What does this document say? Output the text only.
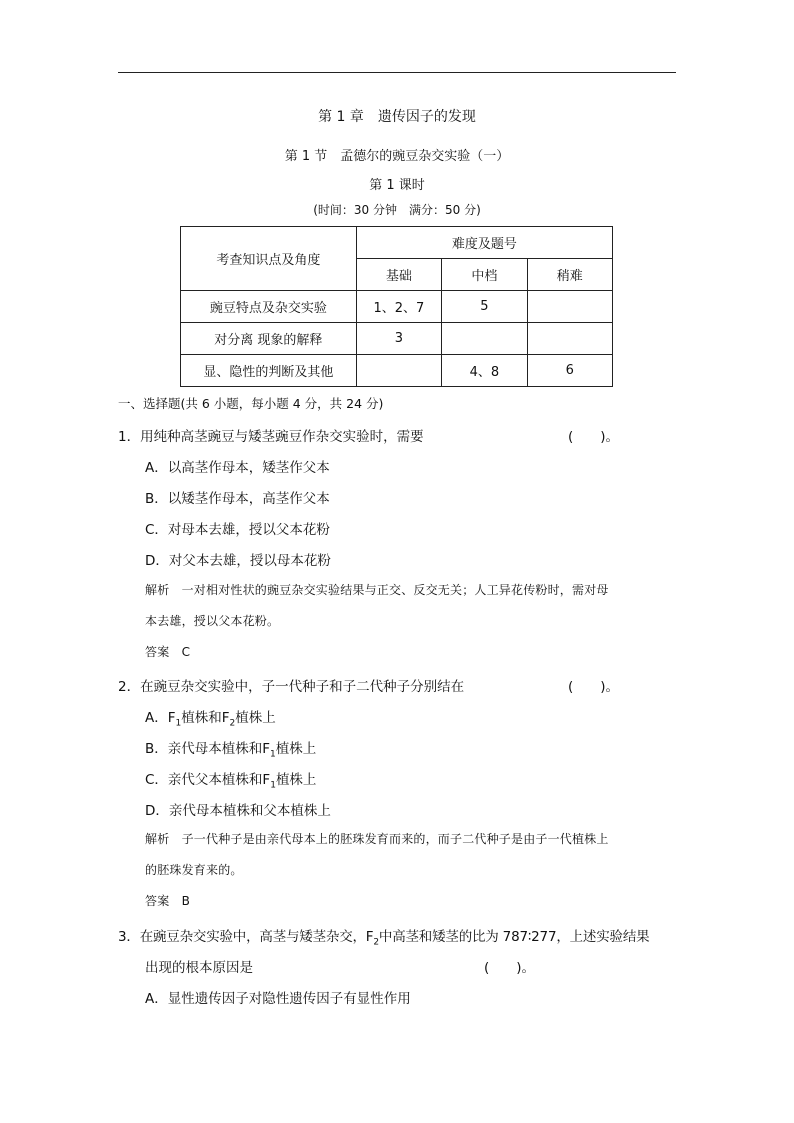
第 1 章　遗传因子的发现
第 1 节　孟德尔的豌豆杂交实验（一）
第 1 课时
(时间：30 分钟　满分：50 分)
考查知识点及角度	难度及题号		
	基础	中档	稍难
豌豆特点及杂交实验	1、2、7	5	
对分离 现象的解释	3		
显、隐性的判断及其他		4、8	6
一、选择题(共 6 小题，每小题 4 分，共 24 分)
1．用纯种高茎豌豆与矮茎豌豆作杂交实验时，需要	(　　)。
A．以高茎作母本，矮茎作父本
B．以矮茎作母本，高茎作父本
C．对母本去雄，授以父本花粉
D．对父本去雄，授以母本花粉
解析　一对相对性状的豌豆杂交实验结果与正交、反交无关；人工异花传粉时，需对母
本去雄，授以父本花粉。
答案　C
2．在豌豆杂交实验中，子一代种子和子二代种子分别结在	(　　)。
A．$F_1$植株和$F_2$植株上
B．亲代母本植株和$F_1$植株上
C．亲代父本植株和$F_1$植株上
D．亲代母本植株和父本植株上
解析　子一代种子是由亲代母本上的胚珠发育而来的，而子二代种子是由子一代植株上
的胚珠发育来的。
答案　B
3．在豌豆杂交实验中，高茎与矮茎杂交，$F_2$中高茎和矮茎的比为 787∶277，上述实验结果
出现的根本原因是	(　　)。
A．显性遗传因子对隐性遗传因子有显性作用
